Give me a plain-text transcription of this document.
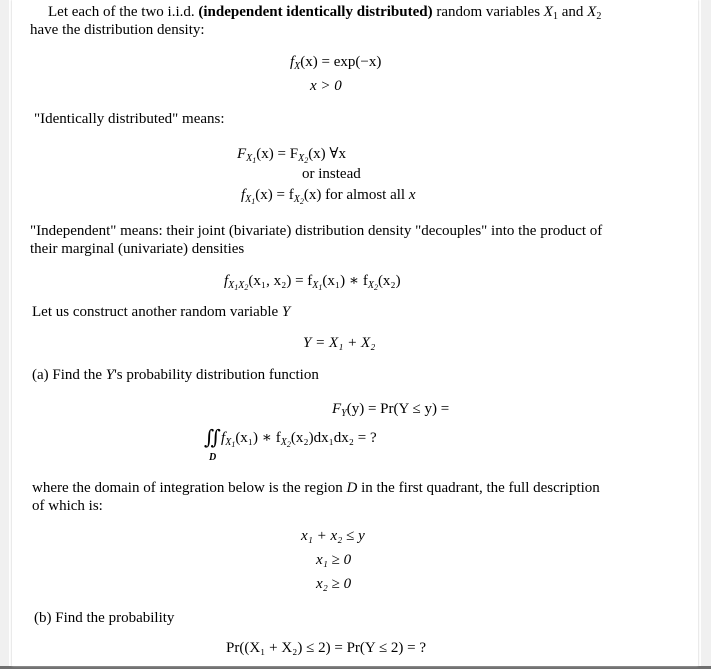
Let each of the two i.i.d. (independent identically distributed) random variables $X_1$ and $X_2$
have the distribution density:
$f_X(x) = \exp(-x)$
x > 0
"Identically distributed" means:
$F_{X_1}(x) = F_{X_2}(x)$ ∀x
or instead
$f_{X_1}(x) = f_{X_2}(x)$ for almost all x
"Independent" means: their joint (bivariate) distribution density "decouples" into the product of
their marginal (univariate) densities
$f_{X_1X_2}(x_1$, $x_2) = f_{X_1}(x_1)$ ∗ $f_{X_2}(x_2)$
Let us construct another random variable Y
Y = X₁ + X₂
(a) Find the Y's probability distribution function
$F_Y(y) = Pr(Y \le y)$ =
∬ $f_{X_1}(x_1)$ ∗ $f_{X_2}(x_2)dx_1dx_2$ = ?
D
where the domain of integration below is the region D in the first quadrant, the full description
of which is:
x₁ + x₂ ≤ y
x₁ ≥ 0
x₂ ≥ 0
(b) Find the probability
Pr((X₁ + X₂) ≤ 2) = Pr(Y ≤ 2) = ?
